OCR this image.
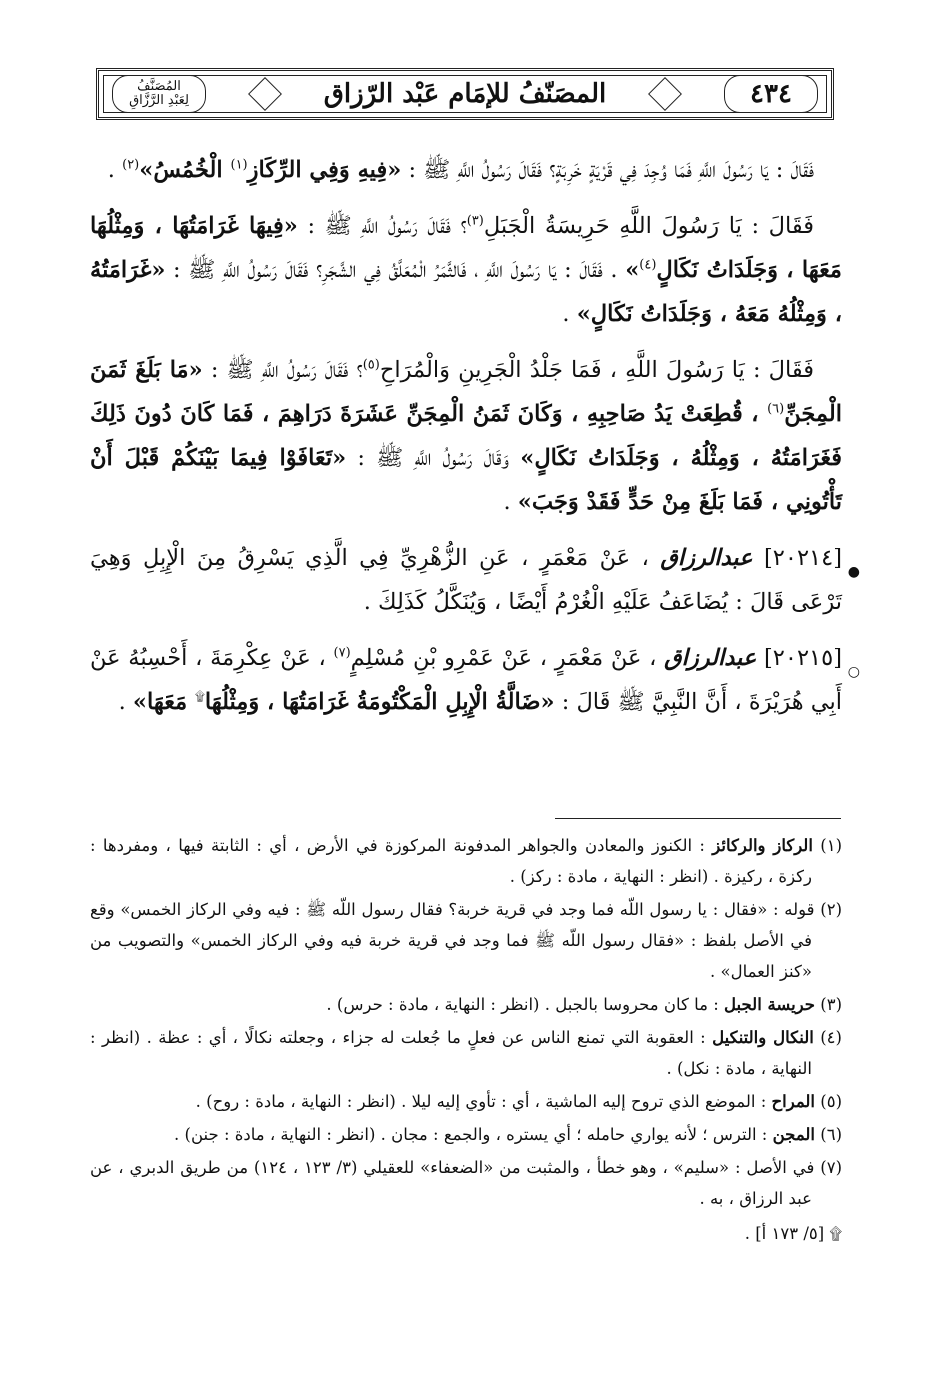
المُصَنَّفُ
لِعَبْدِ الرَّزَّاقِ	المصَنّفُ للإمَام عَبْد الرّزاق	٤٣٤

فَقَالَ : يَا رَسُولَ اللَّهِ فَمَا وُجِدَ فِي قَرْيَةٍ خَرِبَةٍ؟ فَقَالَ رَسُولُ اللَّهِ ﷺ : «فِيهِ وَفِي الرِّكَازِ$^{(١)}$ الْخُمُسُ»$^{(٢)}$ .

فَقَالَ : يَا رَسُولَ اللَّهِ حَرِيسَةُ الْجَبَلِ$^{(٣)}$؟ فَقَالَ رَسُولُ اللَّهِ ﷺ : «فِيهَا غَرَامَتُهَا ، وَمِثْلُهَا مَعَهَا ، وَجَلَدَاتُ نَكَالٍ$^{(٤)}$» . فَقَالَ : يَا رَسُولَ اللَّهِ ، فَالثَّمَرُ الْمُعَلَّقُ فِي الشَّجَرِ؟ فَقَالَ رَسُولُ اللَّهِ ﷺ : «غَرَامَتُهُ ، وَمِثْلُهُ مَعَهُ ، وَجَلَدَاتُ نَكَالٍ» .

فَقَالَ : يَا رَسُولَ اللَّهِ ، فَمَا جَلْدُ الْجَرِينِ وَالْمُرَاحِ$^{(٥)}$؟ فَقَالَ رَسُولُ اللَّهِ ﷺ : «مَا بَلَغَ ثَمَنَ الْمِجَنِّ$^{(٦)}$ ، قُطِعَتْ يَدُ صَاحِبِهِ ، وَكَانَ ثَمَنُ الْمِجَنِّ عَشَرَةَ دَرَاهِمَ ، فَمَا كَانَ دُونَ ذَلِكَ فَغَرَامَتُهُ ، وَمِثْلُهُ ، وَجَلَدَاتُ نَكَالٍ» وَقَالَ رَسُولُ اللَّهِ ﷺ : «تَعَافَوْا فِيمَا بَيْنَكُمْ قَبْلَ أَنْ تَأْتُونِي ، فَمَا بَلَغَ مِنْ حَدٍّ فَقَدْ وَجَبَ» .

●
[٢٠٢١٤] عبدالرزاق ، عَنْ مَعْمَرٍ ، عَنِ الزُّهْرِيِّ فِي الَّذِي يَسْرِقُ مِنَ الْإِبِلِ وَهِيَ تَرْعَى قَالَ : يُضَاعَفُ عَلَيْهِ الْغُرْمُ أَيْضًا ، وَيُنَكَّلُ كَذَلِكَ .

○
[٢٠٢١٥] عبدالرزاق ، عَنْ مَعْمَرٍ ، عَنْ عَمْرِو بْنِ مُسْلِمٍ$^{(٧)}$ ، عَنْ عِكْرِمَةَ ، أَحْسِبُهُ عَنْ أَبِي هُرَيْرَةَ ، أَنَّ النَّبِيَّ ﷺ قَالَ : «ضَالَّةُ الْإِبِلِ الْمَكْتُومَةُ غَرَامَتُهَا ، وَمِثْلُهَا۩ مَعَهَا» .

(١) الركاز والركائز : الكنوز والمعادن والجواهر المدفونة المركوزة في الأرض ، أي : الثابتة فيها ، ومفردها : ركزة ، ركيزة . (انظر : النهاية ، مادة : ركز) .

(٢) قوله : «فقال : يا رسول اللّه فما وجد في قرية خربة؟ فقال رسول اللّه ﷺ : فيه وفي الركاز الخمس» وقع في الأصل بلفظ : «فقال رسول اللّه ﷺ فما وجد في قرية خربة فيه وفي الركاز الخمس» والتصويب من «كنز العمال» .

(٣) حريسة الجبل : ما كان محروسا بالجبل . (انظر : النهاية ، مادة : حرس) .

(٤) النكال والتنكيل : العقوبة التي تمنع الناس عن فعلٍ ما جُعلت له جزاء ، وجعلته نكالًا ، أي : عظة . (انظر : النهاية ، مادة : نكل) .

(٥) المراح : الموضع الذي تروح إليه الماشية ، أي : تأوي إليه ليلا . (انظر : النهاية ، مادة : روح) .

(٦) المجن : الترس ؛ لأنه يواري حامله ؛ أي يستره ، والجمع : مجان . (انظر : النهاية ، مادة : جنن) .

(٧) في الأصل : «سليم» ، وهو خطأ ، والمثبت من «الضعفاء» للعقيلي (٣/ ١٢٣ ، ١٢٤) من طريق الدبري ، عن عبد الرزاق ، به .

۩ [٥/ ١٧٣ أ] .
